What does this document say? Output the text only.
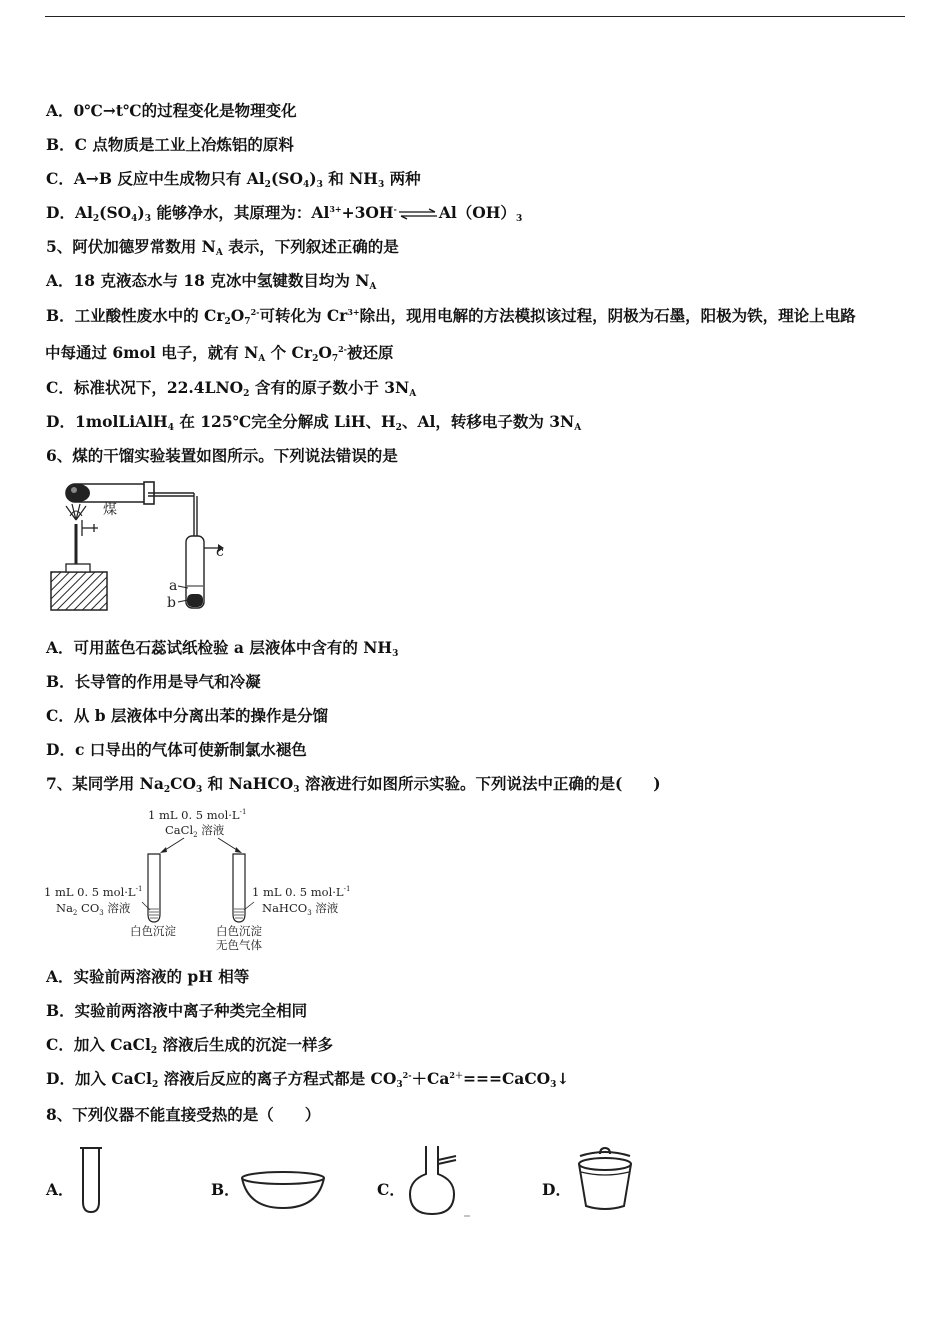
A．0℃→t℃的过程变化是物理变化
B．C 点物质是工业上冶炼铝的原料
C．A→B 反应中生成物只有 $Al_2(SO_4)_3$ 和 $NH_3$ 两种
D．$Al_2(SO_4)_3$ 能够净水，其原理为：$Al^{3+}+3OH^-\rightleftharpoons Al(OH)_3$
5、阿伏加德罗常数用 $N_A$ 表示，下列叙述正确的是
A．18 克液态水与 18 克冰中氢键数目均为 $N_A$
B．工业酸性废水中的 $Cr_2O_7^{2-}$可转化为 $Cr^{3+}$除出，现用电解的方法模拟该过程，阴极为石墨，阳极为铁，理论上电路
中每通过 6mol 电子，就有 $N_A$ 个 $Cr_2O_7^{2-}$被还原
C．标准状况下，$22.4LNO_2$ 含有的原子数小于 $3N_A$
D．1molLiAlH$_4$ 在 125℃完全分解成 LiH、$H_2$、Al，转移电子数为 $3N_A$
6、煤的干馏实验装置如图所示。下列说法错误的是
煤
a
b
c
A．可用蓝色石蕊试纸检验 a 层液体中含有的 $NH_3$
B．长导管的作用是导气和冷凝
C．从 b 层液体中分离出苯的操作是分馏
D．c 口导出的气体可使新制氯水褪色
7、某同学用 $Na_2CO_3$ 和 NaHCO$_3$ 溶液进行如图所示实验。下列说法中正确的是(　　)
1 mL 0. 5 $mol\cdot L^{-1}$
CaCl$_2$ 溶液
1 mL 0. 5 $mol\cdot L^{-1}$
$Na_2$ $CO_3$ 溶液
1 mL 0. 5 $mol\cdot L^{-1}$
NaHCO$_3$ 溶液
白色沉淀	白色沉淀
无色气体
A．实验前两溶液的 pH 相等
B．实验前两溶液中离子种类完全相同
C．加入 CaCl$_2$ 溶液后生成的沉淀一样多
D．加入 CaCl$_2$ 溶液后反应的离子方程式都是 $CO_3^{2-}+Ca^{2+}===CaCO_3↓$
8、下列仪器不能直接受热的是（　　）
A．	B．	C．	D．
